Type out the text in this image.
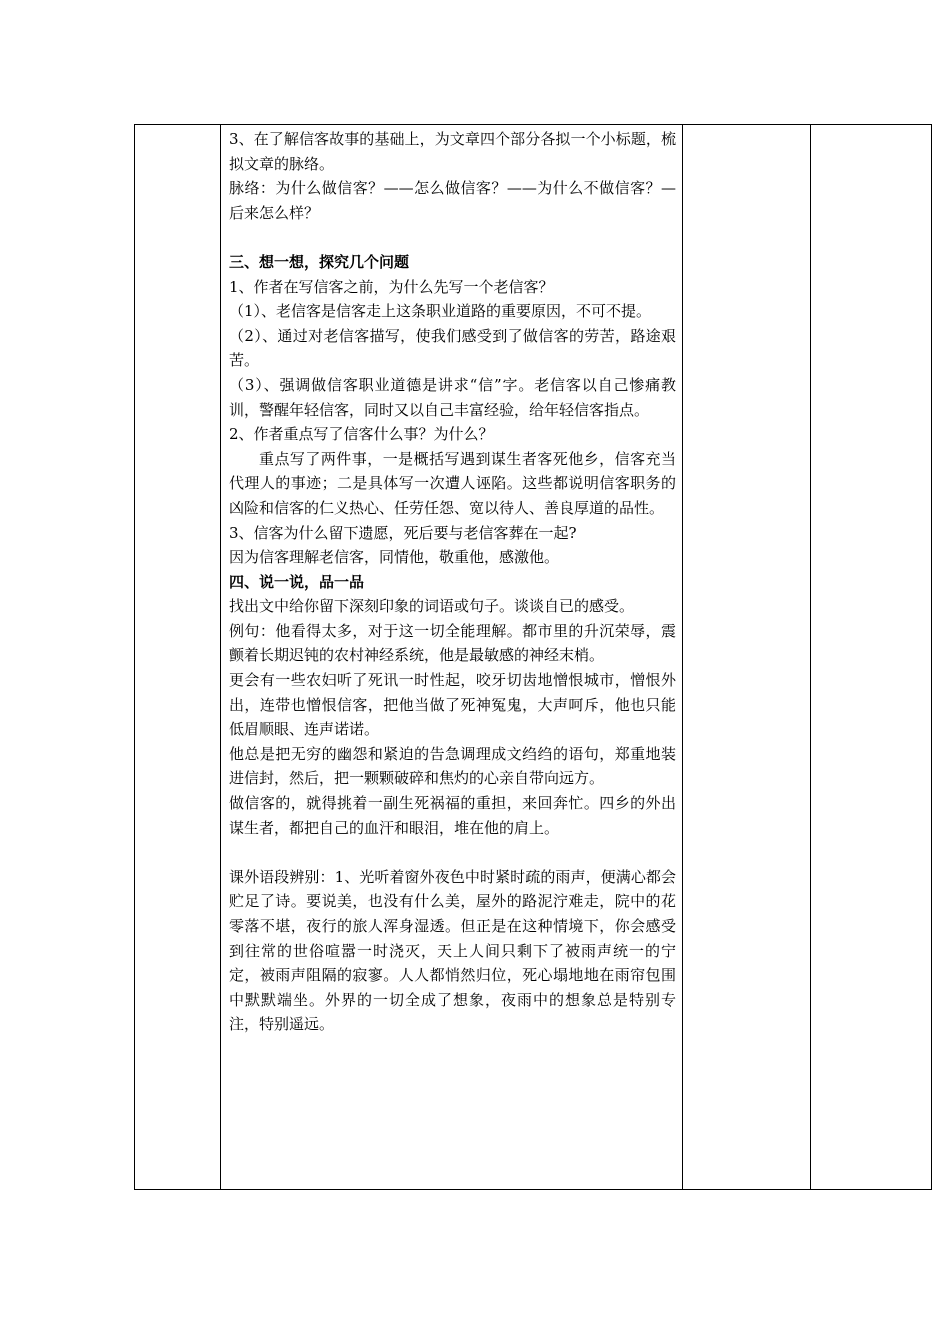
3、在了解信客故事的基础上，为文章四个部分各拟一个小标题，梳拟文章的脉络。

脉络：为什么做信客？——怎么做信客？——为什么不做信客？—后来怎么样？

三、想一想，探究几个问题

1、作者在写信客之前，为什么先写一个老信客？

（1）、老信客是信客走上这条职业道路的重要原因，不可不提。

（2）、通过对老信客描写，使我们感受到了做信客的劳苦，路途艰苦。

（3）、强调做信客职业道德是讲求“信”字。老信客以自己惨痛教训，警醒年轻信客，同时又以自己丰富经验，给年轻信客指点。

2、作者重点写了信客什么事？为什么？

重点写了两件事，一是概括写遇到谋生者客死他乡，信客充当代理人的事迹；二是具体写一次遭人诬陷。这些都说明信客职务的凶险和信客的仁义热心、任劳任怨、宽以待人、善良厚道的品性。

3、信客为什么留下遗愿，死后要与老信客葬在一起?

因为信客理解老信客，同情他，敬重他，感激他。

四、说一说，品一品

找出文中给你留下深刻印象的词语或句子。谈谈自已的感受。

例句：他看得太多，对于这一切全能理解。都市里的升沉荣辱，震颤着长期迟钝的农村神经系统，他是最敏感的神经末梢。

更会有一些农妇听了死讯一时性起，咬牙切齿地憎恨城市，憎恨外出，连带也憎恨信客，把他当做了死神冤鬼，大声呵斥，他也只能低眉顺眼、连声诺诺。

他总是把无穷的幽怨和紧迫的告急调理成文绉绉的语句，郑重地装进信封，然后，把一颗颗破碎和焦灼的心亲自带向远方。

做信客的，就得挑着一副生死祸福的重担，来回奔忙。四乡的外出谋生者，都把自己的血汗和眼泪，堆在他的肩上。

课外语段辨别：1、光听着窗外夜色中时紧时疏的雨声，便满心都会贮足了诗。要说美，也没有什么美，屋外的路泥泞难走，院中的花零落不堪，夜行的旅人浑身湿透。但正是在这种情境下，你会感受到往常的世俗喧嚣一时浇灭，天上人间只剩下了被雨声统一的宁定，被雨声阻隔的寂寥。人人都悄然归位，死心塌地地在雨帘包围中默默端坐。外界的一切全成了想象，夜雨中的想象总是特别专注，特别遥远。
